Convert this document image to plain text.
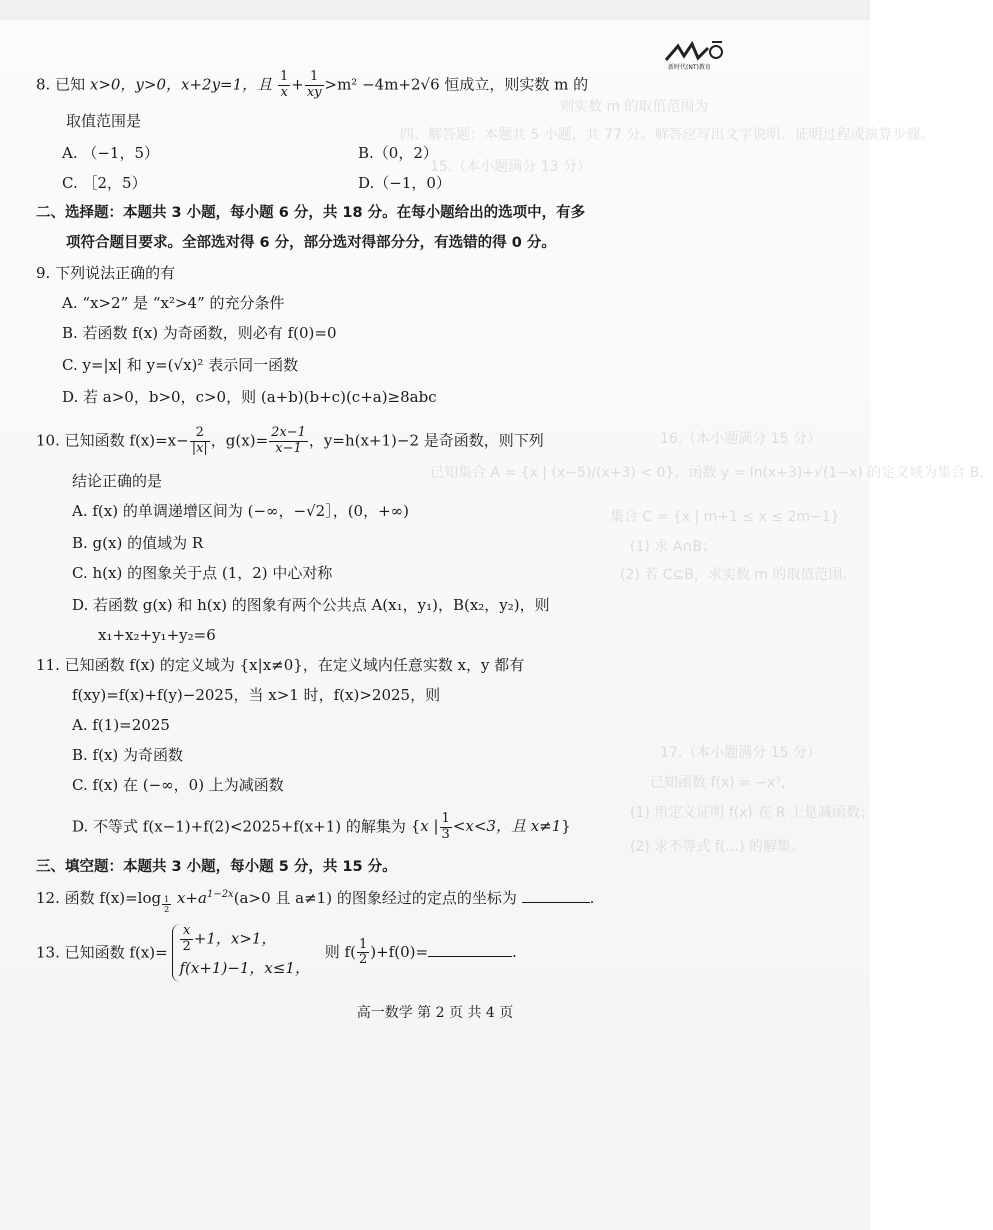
则实数 m 的取值范围为
四、解答题：本题共 5 小题，共 77 分。解答应写出文字说明、证明过程或演算步骤。
15.（本小题满分 13 分）
16.（本小题满分 15 分）
已知集合 A = {x | (x−5)/(x+3) < 0}，函数 y = ln(x+3)+√(1−x) 的定义域为集合 B，
集合 C = {x | m+1 ≤ x ≤ 2m−1}
(1) 求 A∩B；
(2) 若 C⊆B，求实数 m 的取值范围。
17.（本小题满分 15 分）
已知函数 f(x) = −x³，
(1) 用定义证明 f(x) 在 R 上是减函数；
(2) 求不等式 f(…) 的解集。
新时代(NT)教育
8. 已知 x>0，y>0，x+2y=1，且 $\frac{1}{x} + \frac{1}{xy} >m^2 -4m+2√6$ 恒成立，则实数 m 的
取值范围是
A. （−1，5）	B.（0，2）
C. ［2，5）	D.（−1，0）
二、选择题：本题共 3 小题，每小题 6 分，共 18 分。在每小题给出的选项中，有多
项符合题目要求。全部选对得 6 分，部分选对得部分分，有选错的得 0 分。
9. 下列说法正确的有
A. “x>2” 是 “x²>4” 的充分条件
B. 若函数 f(x) 为奇函数，则必有 f(0)=0
C. y=|x| 和 y=(√x)² 表示同一函数
D. 若 a>0，b>0，c>0，则 (a+b)(b+c)(c+a)≥8abc
10. 已知函数 $f(x)=x- \frac{2}{|x|}$ ，$g(x)= \frac{2x-1}{x-1}$ ，y=h(x+1)−2 是奇函数，则下列
结论正确的是
A. f(x) 的单调递增区间为 (−∞，−√2］，(0，+∞)
B. g(x) 的值域为 R
C. h(x) 的图象关于点 (1，2) 中心对称
D. 若函数 g(x) 和 h(x) 的图象有两个公共点 A(x₁，y₁)，B(x₂，y₂)，则
x₁+x₂+y₁+y₂=6
11. 已知函数 f(x) 的定义域为 {x|x≠0}，在定义域内任意实数 x，y 都有
f(xy)=f(x)+f(y)−2025，当 x>1 时，f(x)>2025，则
A. f(1)=2025
B. f(x) 为奇函数
C. f(x) 在 (−∞，0) 上为减函数
D. 不等式 f(x−1)+f(2)<2025+f(x+1) 的解集为 {x | $\frac{1}{3} <x<3$，且 x≠1}
三、填空题：本题共 3 小题，每小题 5 分，共 15 分。
12. 函数 f(x)=log $_{\frac{1}{2}}$ $x+a^{1-2x}(a>0$ 且 a≠1) 的图象经过的定点的坐标为	.
13. 已知函数 $f(x)= \frac{x}{2} +1$，x>1，
f(x+1)−1，x≤1，
则 $f( \frac{1}{2} )+f(0)=$	.
高一数学 第 2 页 共 4 页
